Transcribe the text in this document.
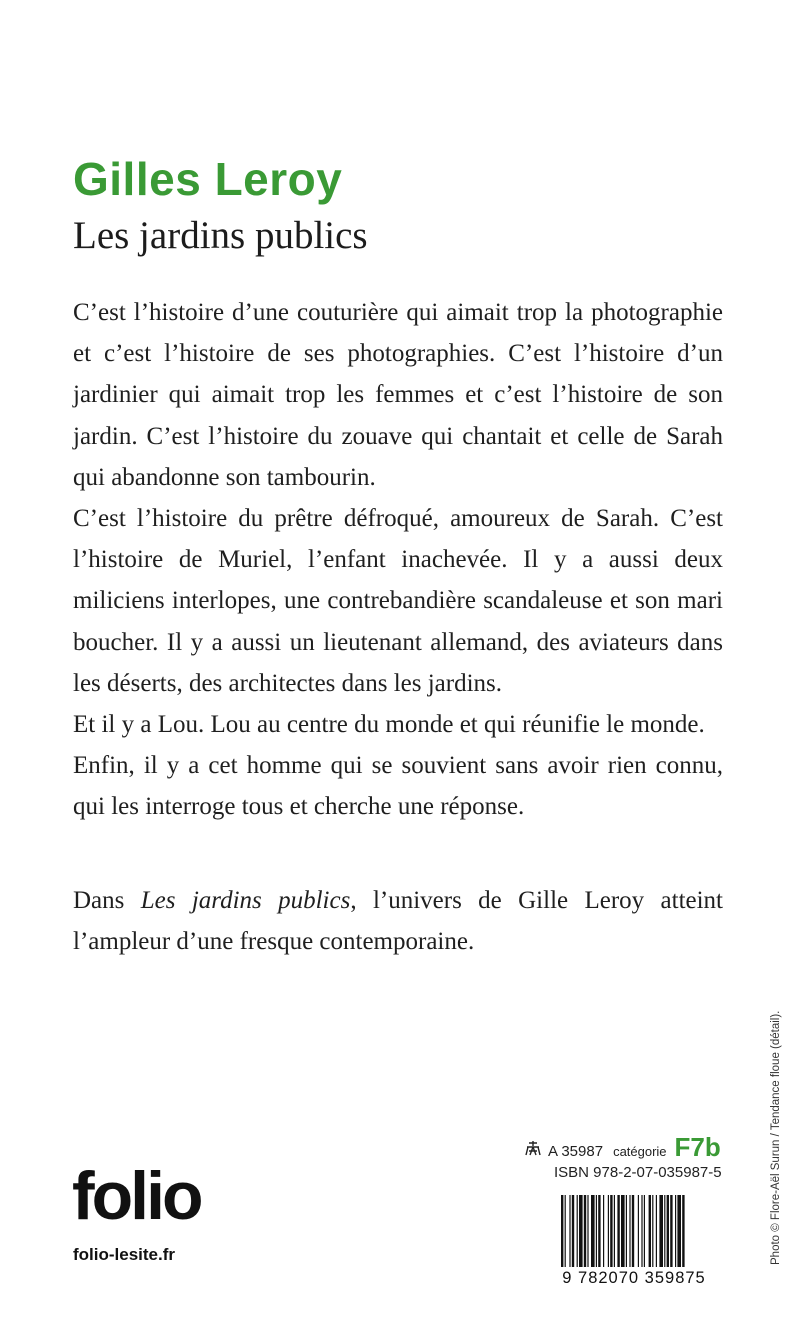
Gilles Leroy
Les jardins publics

C’est l’histoire d’une couturière qui aimait trop la photographie et c’est l’histoire de ses photographies. C’est l’histoire d’un jardinier qui aimait trop les femmes et c’est l’histoire de son jardin. C’est l’histoire du zouave qui chantait et celle de Sarah qui abandonne son tambourin.

C’est l’histoire du prêtre défroqué, amoureux de Sarah. C’est l’histoire de Muriel, l’enfant inachevée. Il y a aussi deux miliciens interlopes, une contrebandière scandaleuse et son mari boucher. Il y a aussi un lieutenant allemand, des aviateurs dans les déserts, des architectes dans les jardins.

Et il y a Lou. Lou au centre du monde et qui réunifie le monde.

Enfin, il y a cet homme qui se souvient sans avoir rien connu, qui les interroge tous et cherche une réponse.

Dans Les jardins publics, l’univers de Gille Leroy atteint l’ampleur d’une fresque contemporaine.

folio
folio-lesite.fr
A 35987 catégorie F7b
ISBN 978-2-07-035987-5
9 782070 359875
Photo © Flore-Aël Surun / Tendance floue (détail).
